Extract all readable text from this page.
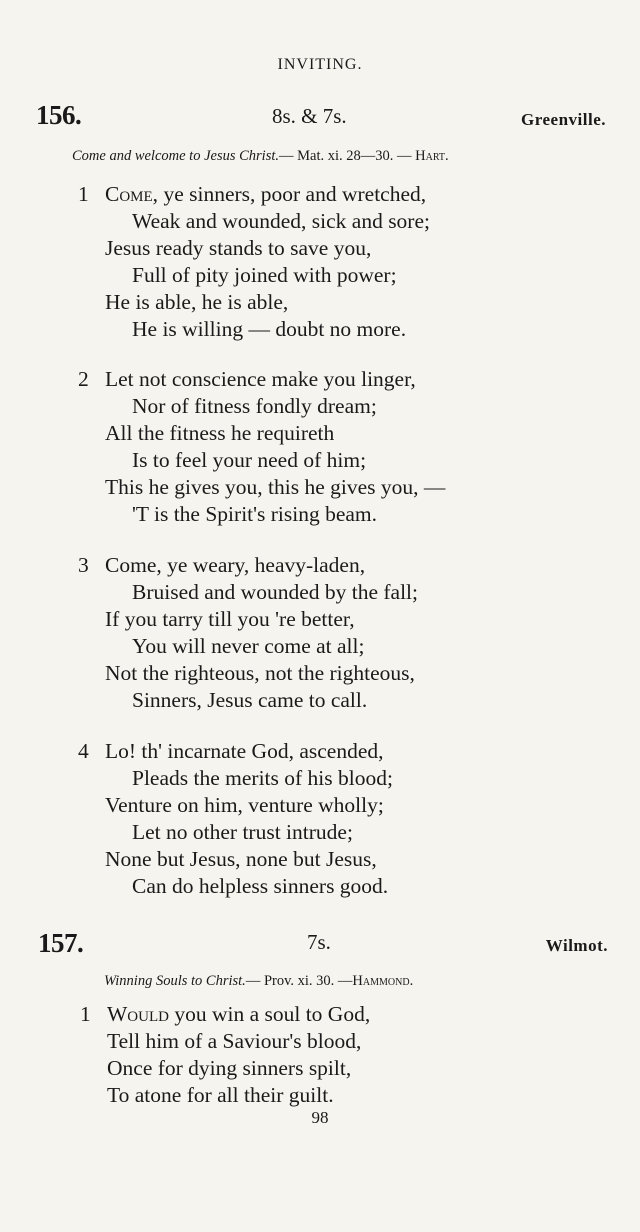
INVITING.
156.	8s. & 7s.	Greenville.
Come and welcome to Jesus Christ.— Mat. xi. 28—30. — Hart.
1 Come, ye sinners, poor and wretched,
Weak and wounded, sick and sore;
Jesus ready stands to save you,
Full of pity joined with power;
He is able, he is able,
He is willing — doubt no more.
2 Let not conscience make you linger,
Nor of fitness fondly dream;
All the fitness he requireth
Is to feel your need of him;
This he gives you, this he gives you, —
'T is the Spirit's rising beam.
3 Come, ye weary, heavy-laden,
Bruised and wounded by the fall;
If you tarry till you 're better,
You will never come at all;
Not the righteous, not the righteous,
Sinners, Jesus came to call.
4 Lo! th' incarnate God, ascended,
Pleads the merits of his blood;
Venture on him, venture wholly;
Let no other trust intrude;
None but Jesus, none but Jesus,
Can do helpless sinners good.
157.	7s.	Wilmot.
Winning Souls to Christ.— Prov. xi. 30. —Hammond.
1 Would you win a soul to God,
Tell him of a Saviour's blood,
Once for dying sinners spilt,
To atone for all their guilt.
98
